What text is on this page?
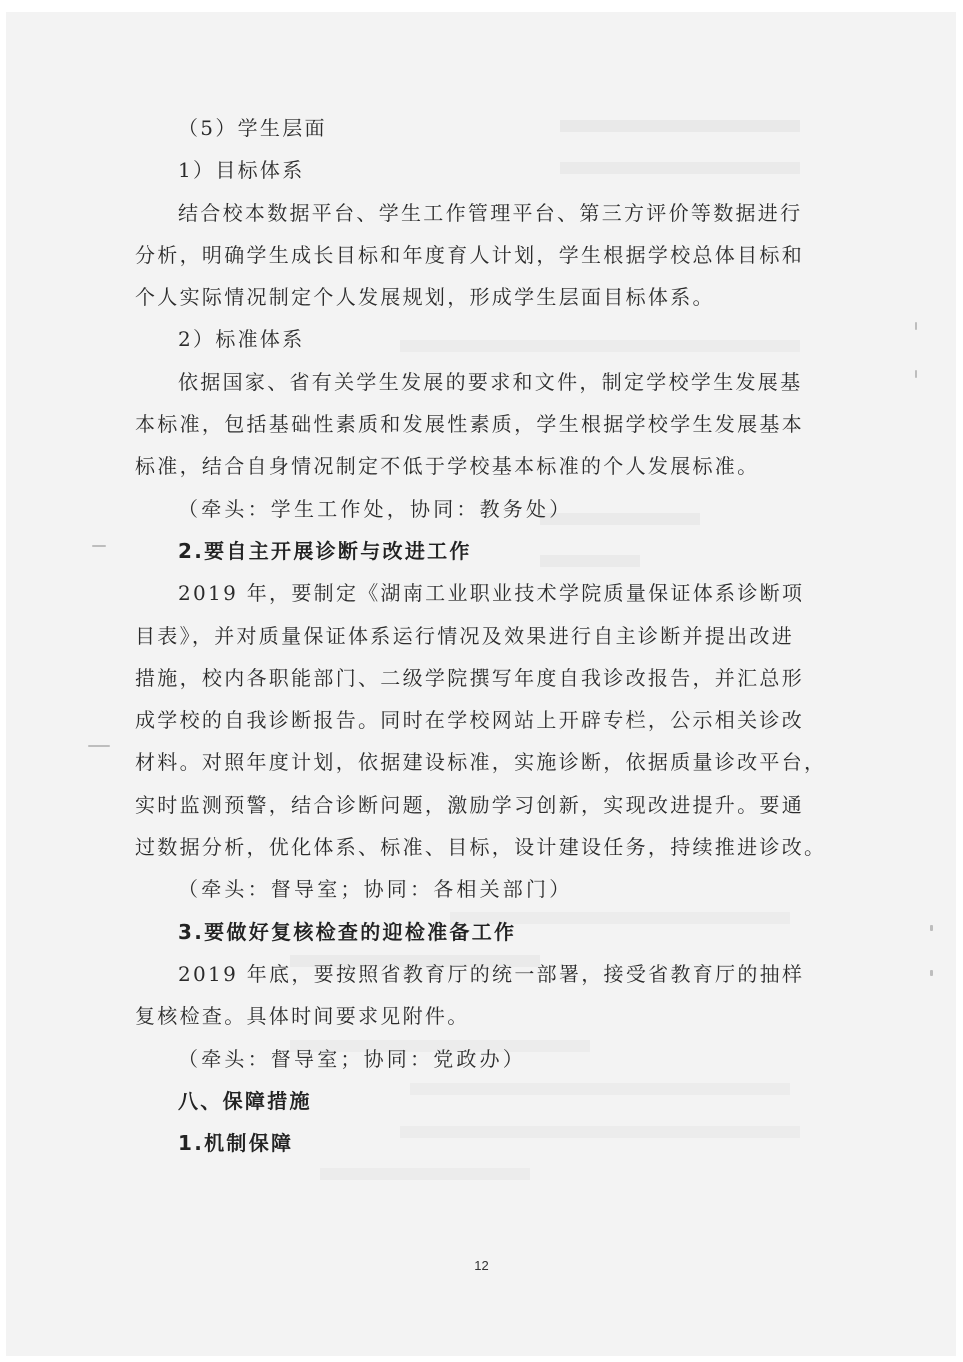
（5）学生层面
1）目标体系
结合校本数据平台、学生工作管理平台、第三方评价等数据进行
分析，明确学生成长目标和年度育人计划，学生根据学校总体目标和
个人实际情况制定个人发展规划，形成学生层面目标体系。
2）标准体系
依据国家、省有关学生发展的要求和文件，制定学校学生发展基
本标准，包括基础性素质和发展性素质，学生根据学校学生发展基本
标准，结合自身情况制定不低于学校基本标准的个人发展标准。
（牵头：学生工作处，协同：教务处）
2.要自主开展诊断与改进工作
2019 年，要制定《湖南工业职业技术学院质量保证体系诊断项
目表》，并对质量保证体系运行情况及效果进行自主诊断并提出改进
措施，校内各职能部门、二级学院撰写年度自我诊改报告，并汇总形
成学校的自我诊断报告。同时在学校网站上开辟专栏，公示相关诊改
材料。对照年度计划，依据建设标准，实施诊断，依据质量诊改平台，
实时监测预警，结合诊断问题，激励学习创新，实现改进提升。要通
过数据分析，优化体系、标准、目标，设计建设任务，持续推进诊改。
（牵头：督导室；协同：各相关部门）
3.要做好复核检查的迎检准备工作
2019 年底，要按照省教育厅的统一部署，接受省教育厅的抽样
复核检查。具体时间要求见附件。
（牵头：督导室；协同：党政办）
八、保障措施
1.机制保障
12
